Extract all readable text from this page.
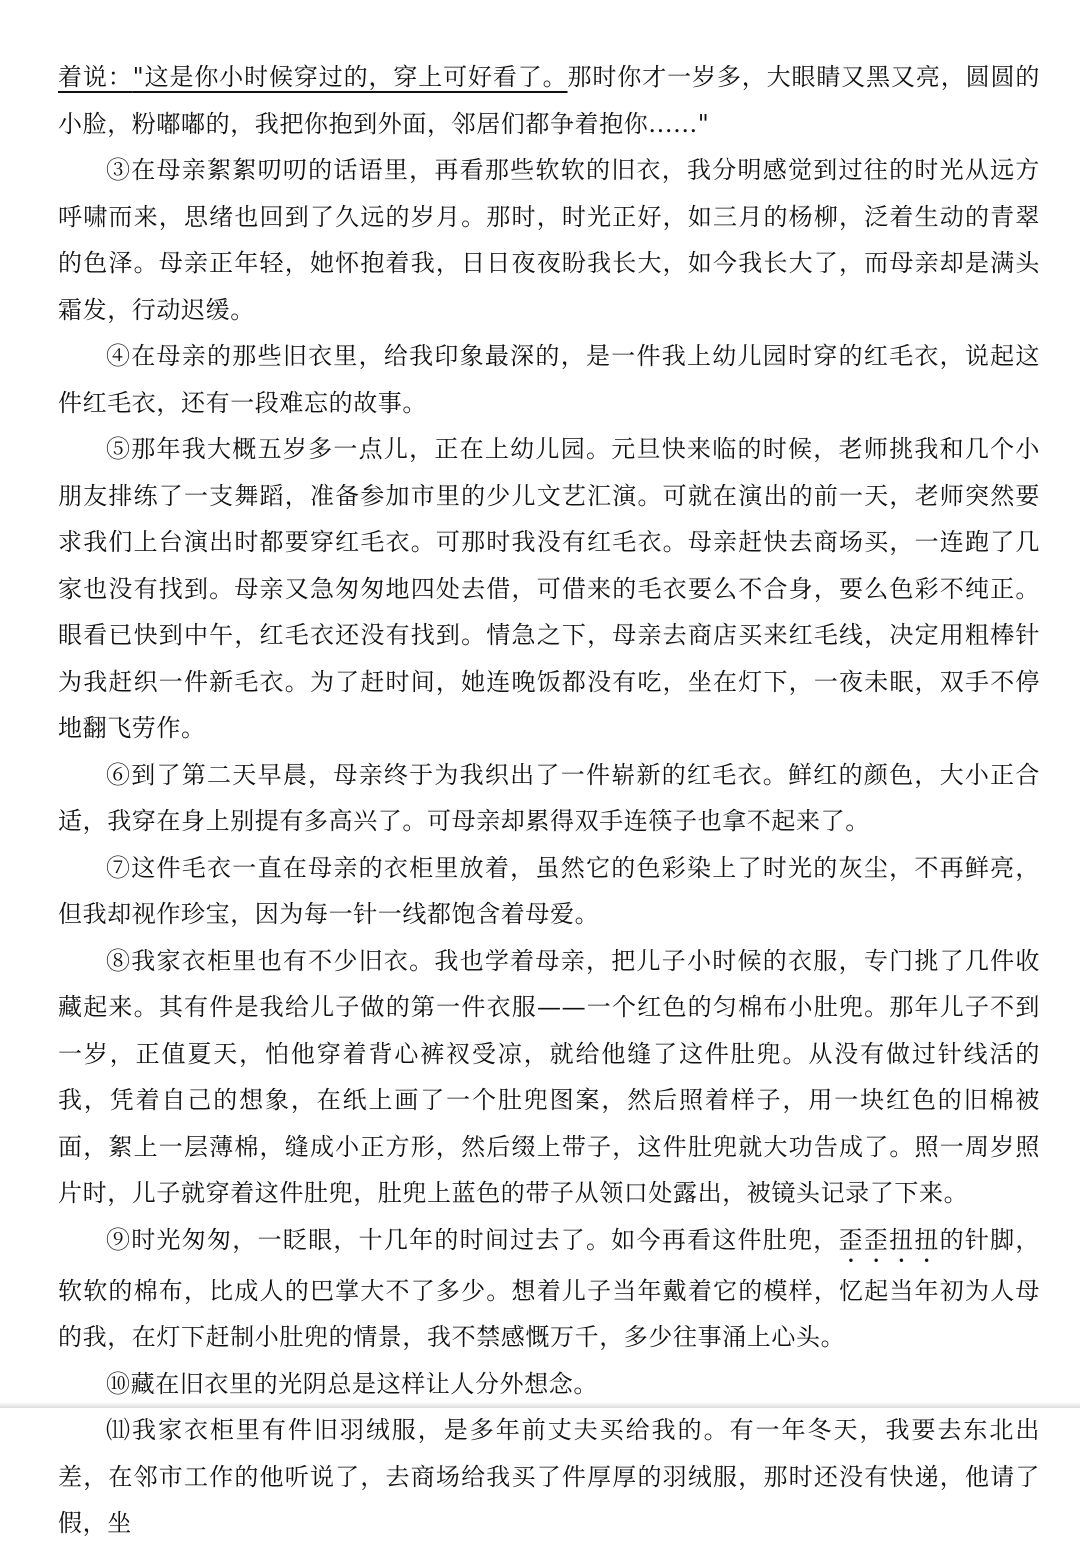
着说："这是你小时候穿过的，穿上可好看了。那时你才一岁多，大眼睛又黑又亮，圆圆的小脸，粉嘟嘟的，我把你抱到外面，邻居们都争着抱你......"

③在母亲絮絮叨叨的话语里，再看那些软软的旧衣，我分明感觉到过往的时光从远方呼啸而来，思绪也回到了久远的岁月。那时，时光正好，如三月的杨柳，泛着生动的青翠的色泽。母亲正年轻，她怀抱着我，日日夜夜盼我长大，如今我长大了，而母亲却是满头霜发，行动迟缓。

④在母亲的那些旧衣里，给我印象最深的，是一件我上幼儿园时穿的红毛衣，说起这件红毛衣，还有一段难忘的故事。

⑤那年我大概五岁多一点儿，正在上幼儿园。元旦快来临的时候，老师挑我和几个小朋友排练了一支舞蹈，准备参加市里的少儿文艺汇演。可就在演出的前一天，老师突然要求我们上台演出时都要穿红毛衣。可那时我没有红毛衣。母亲赶快去商场买，一连跑了几家也没有找到。母亲又急匆匆地四处去借，可借来的毛衣要么不合身，要么色彩不纯正。眼看已快到中午，红毛衣还没有找到。情急之下，母亲去商店买来红毛线，决定用粗棒针为我赶织一件新毛衣。为了赶时间，她连晚饭都没有吃，坐在灯下，一夜未眠，双手不停地翻飞劳作。

⑥到了第二天早晨，母亲终于为我织出了一件崭新的红毛衣。鲜红的颜色，大小正合适，我穿在身上别提有多高兴了。可母亲却累得双手连筷子也拿不起来了。

⑦这件毛衣一直在母亲的衣柜里放着，虽然它的色彩染上了时光的灰尘，不再鲜亮，但我却视作珍宝，因为每一针一线都饱含着母爱。

⑧我家衣柜里也有不少旧衣。我也学着母亲，把儿子小时候的衣服，专门挑了几件收藏起来。其有件是我给儿子做的第一件衣服——一个红色的匀棉布小肚兜。那年儿子不到一岁，正值夏天，怕他穿着背心裤衩受凉，就给他缝了这件肚兜。从没有做过针线活的我，凭着自己的想象，在纸上画了一个肚兜图案，然后照着样子，用一块红色的旧棉被面，絮上一层薄棉，缝成小正方形，然后缀上带子，这件肚兜就大功告成了。照一周岁照片时，儿子就穿着这件肚兜，肚兜上蓝色的带子从领口处露出，被镜头记录了下来。

⑨时光匆匆，一眨眼，十几年的时间过去了。如今再看这件肚兜，歪歪扭扭的针脚，软软的棉布，比成人的巴掌大不了多少。想着儿子当年戴着它的模样，忆起当年初为人母的我，在灯下赶制小肚兜的情景，我不禁感慨万千，多少往事涌上心头。

⑩藏在旧衣里的光阴总是这样让人分外想念。

⑾我家衣柜里有件旧羽绒服，是多年前丈夫买给我的。有一年冬天，我要去东北出差，在邻市工作的他听说了，去商场给我买了件厚厚的羽绒服，那时还没有快递，他请了假，坐
